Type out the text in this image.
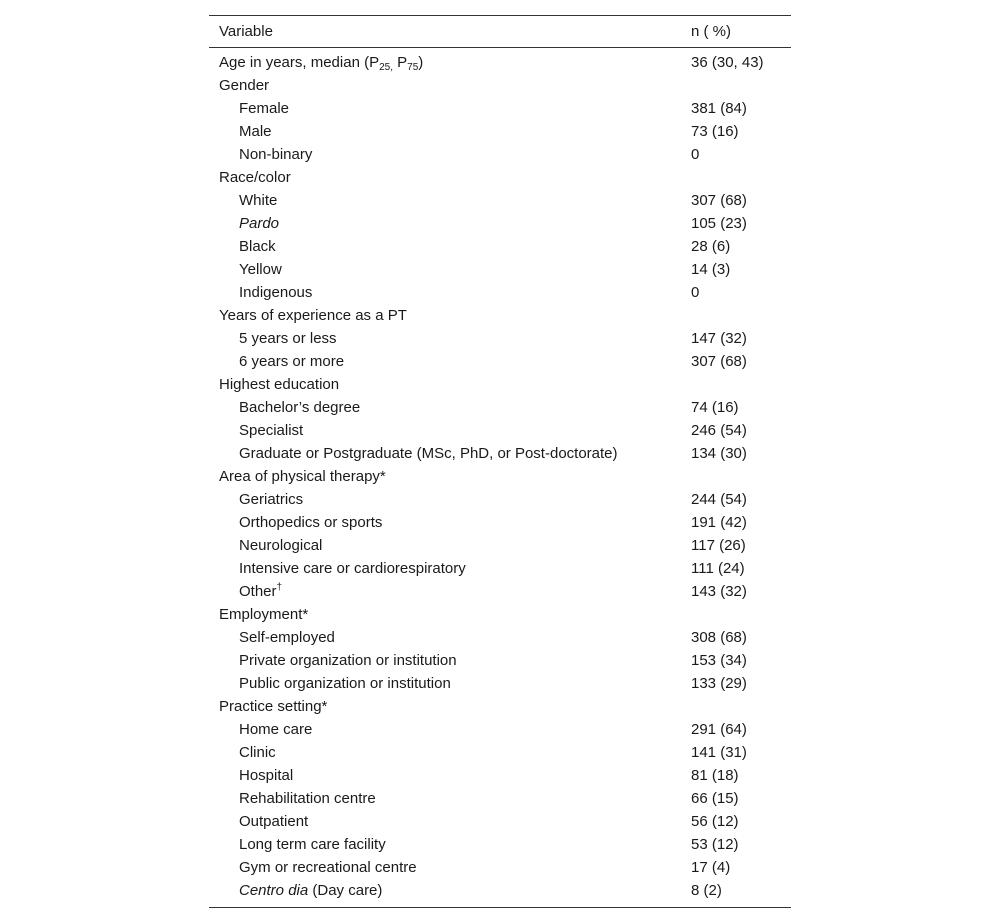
Variable	n ( %)
Age in years, median ($P_{25,}$ $P_{75}$)	36 (30, 43)
Gender	
Female	381 (84)
Male	73 (16)
Non-binary	0
Race/color	
White	307 (68)
Pardo	105 (23)
Black	28 (6)
Yellow	14 (3)
Indigenous	0
Years of experience as a PT	
5 years or less	147 (32)
6 years or more	307 (68)
Highest education	
Bachelor’s degree	74 (16)
Specialist	246 (54)
Graduate or Postgraduate (MSc, PhD, or Post-doctorate)	134 (30)
Area of physical therapy*	
Geriatrics	244 (54)
Orthopedics or sports	191 (42)
Neurological	117 (26)
Intensive care or cardiorespiratory	111 (24)
Other†	143 (32)
Employment*	
Self-employed	308 (68)
Private organization or institution	153 (34)
Public organization or institution	133 (29)
Practice setting*	
Home care	291 (64)
Clinic	141 (31)
Hospital	81 (18)
Rehabilitation centre	66 (15)
Outpatient	56 (12)
Long term care facility	53 (12)
Gym or recreational centre	17 (4)
Centro dia (Day care)	8 (2)
